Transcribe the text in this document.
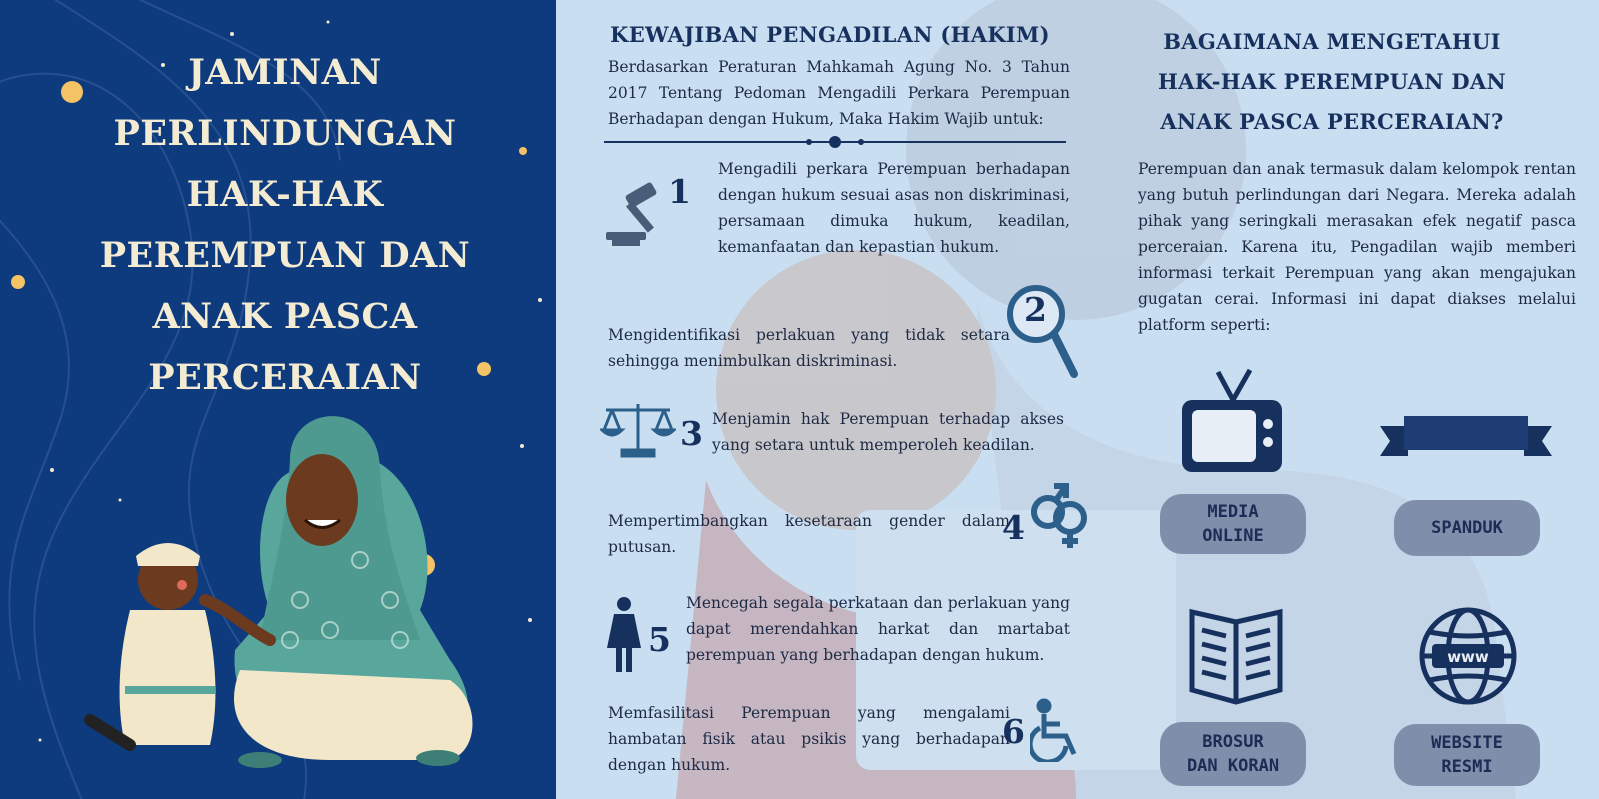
JAMINAN
PERLINDUNGAN
HAK-HAK
PEREMPUAN DAN
ANAK PASCA
PERCERAIAN
KEWAJIBAN PENGADILAN (HAKIM)
Berdasarkan Peraturan Mahkamah Agung No. 3 Tahun 2017 Tentang Pedoman Mengadili Perkara Perempuan Berhadapan dengan Hukum, Maka Hakim Wajib untuk:
1
Mengadili perkara Perempuan berhadapan dengan hukum sesuai asas non diskriminasi, persamaan dimuka hukum, keadilan, kemanfaatan dan kepastian hukum.
2
Mengidentifikasi perlakuan yang tidak setara sehingga menimbulkan diskriminasi.
3 Menjamin hak Perempuan terhadap akses yang setara untuk memperoleh keadilan.
4
Mempertimbangkan kesetaraan gender dalam putusan.
5
Mencegah segala perkataan dan perlakuan yang dapat merendahkan harkat dan martabat perempuan yang berhadapan dengan hukum.
6
Memfasilitasi Perempuan yang mengalami hambatan fisik atau psikis yang berhadapan dengan hukum.
BAGAIMANA MENGETAHUI
HAK-HAK PEREMPUAN DAN
ANAK PASCA PERCERAIAN?
Perempuan dan anak termasuk dalam kelompok rentan yang butuh perlindungan dari Negara. Mereka adalah pihak yang seringkali merasakan efek negatif pasca perceraian. Karena itu, Pengadilan wajib memberi informasi terkait Perempuan yang akan mengajukan gugatan cerai. Informasi ini dapat diakses melalui platform seperti:
MEDIA
ONLINE	SPANDUK
BROSUR
DAN KORAN
www
WEBSITE
RESMI
